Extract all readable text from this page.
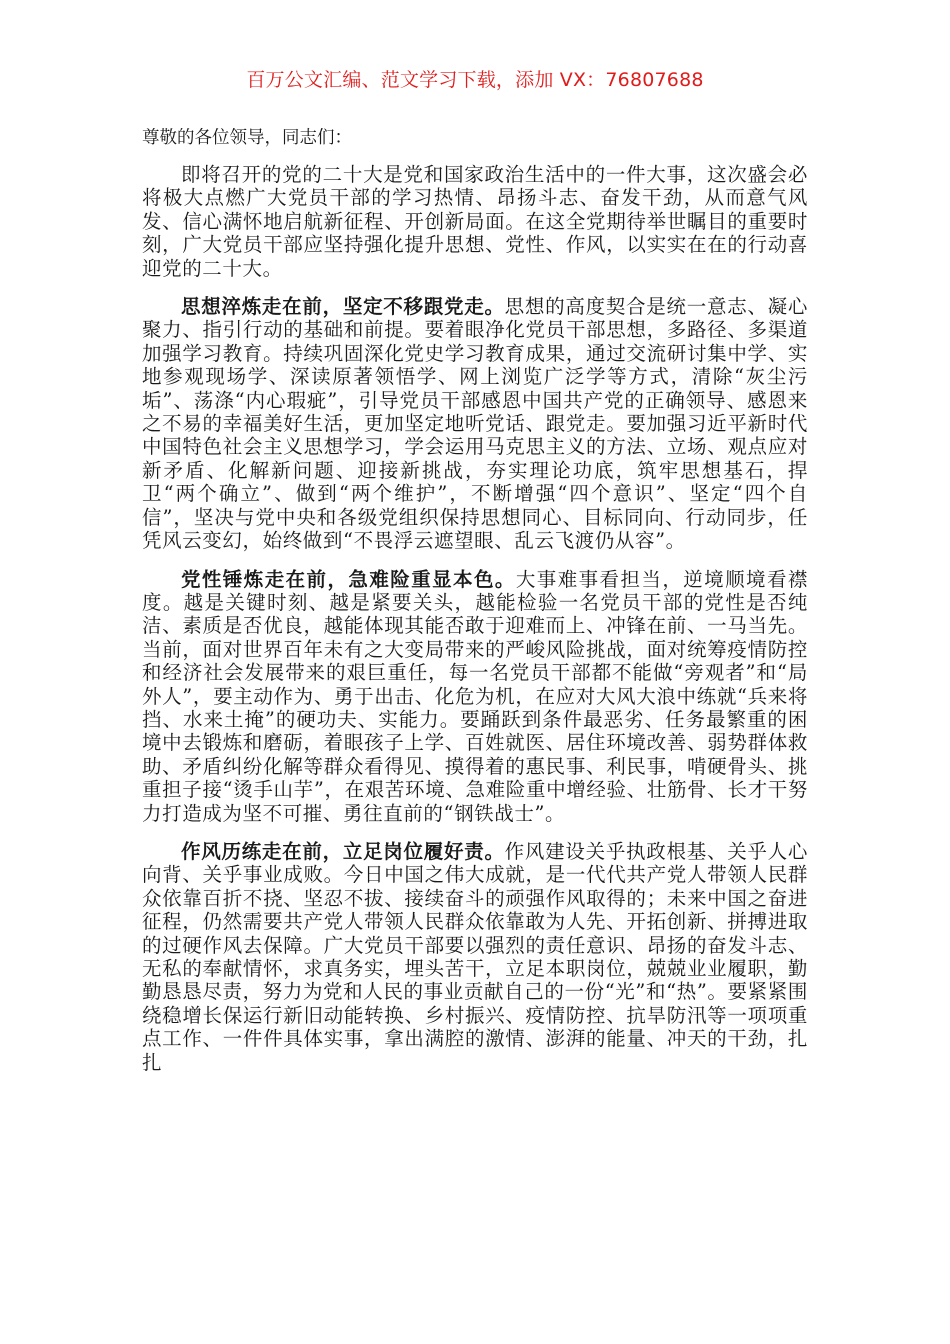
百万公文汇编、范文学习下载，添加 VX：76807688

尊敬的各位领导，同志们：

即将召开的党的二十大是党和国家政治生活中的一件大事，这次盛会必将极大点燃广大党员干部的学习热情、昂扬斗志、奋发干劲，从而意气风发、信心满怀地启航新征程、开创新局面。在这全党期待举世瞩目的重要时刻，广大党员干部应坚持强化提升思想、党性、作风，以实实在在的行动喜迎党的二十大。

思想淬炼走在前，坚定不移跟党走。思想的高度契合是统一意志、凝心聚力、指引行动的基础和前提。要着眼净化党员干部思想，多路径、多渠道加强学习教育。持续巩固深化党史学习教育成果，通过交流研讨集中学、实地参观现场学、深读原著领悟学、网上浏览广泛学等方式，清除“灰尘污垢”、荡涤“内心瑕疵”，引导党员干部感恩中国共产党的正确领导、感恩来之不易的幸福美好生活，更加坚定地听党话、跟党走。要加强习近平新时代中国特色社会主义思想学习，学会运用马克思主义的方法、立场、观点应对新矛盾、化解新问题、迎接新挑战，夯实理论功底，筑牢思想基石，捍卫“两个确立”、做到“两个维护”，不断增强“四个意识”、坚定“四个自信”，坚决与党中央和各级党组织保持思想同心、目标同向、行动同步，任凭风云变幻，始终做到“不畏浮云遮望眼、乱云飞渡仍从容”。

党性锤炼走在前，急难险重显本色。大事难事看担当，逆境顺境看襟度。越是关键时刻、越是紧要关头，越能检验一名党员干部的党性是否纯洁、素质是否优良，越能体现其能否敢于迎难而上、冲锋在前、一马当先。当前，面对世界百年未有之大变局带来的严峻风险挑战，面对统筹疫情防控和经济社会发展带来的艰巨重任，每一名党员干部都不能做“旁观者”和“局外人”，要主动作为、勇于出击、化危为机，在应对大风大浪中练就“兵来将挡、水来土掩”的硬功夫、实能力。要踊跃到条件最恶劣、任务最繁重的困境中去锻炼和磨砺，着眼孩子上学、百姓就医、居住环境改善、弱势群体救助、矛盾纠纷化解等群众看得见、摸得着的惠民事、利民事，啃硬骨头、挑重担子接“烫手山芋”，在艰苦环境、急难险重中增经验、壮筋骨、长才干努力打造成为坚不可摧、勇往直前的“钢铁战士”。

作风历练走在前，立足岗位履好责。作风建设关乎执政根基、关乎人心向背、关乎事业成败。今日中国之伟大成就，是一代代共产党人带领人民群众依靠百折不挠、坚忍不拔、接续奋斗的顽强作风取得的；未来中国之奋进征程，仍然需要共产党人带领人民群众依靠敢为人先、开拓创新、拼搏进取的过硬作风去保障。广大党员干部要以强烈的责任意识、昂扬的奋发斗志、无私的奉献情怀，求真务实，埋头苦干，立足本职岗位，兢兢业业履职，勤勤恳恳尽责，努力为党和人民的事业贡献自己的一份“光”和“热”。要紧紧围绕稳增长保运行新旧动能转换、乡村振兴、疫情防控、抗旱防汛等一项项重点工作、一件件具体实事，拿出满腔的激情、澎湃的能量、冲天的干劲，扎扎
